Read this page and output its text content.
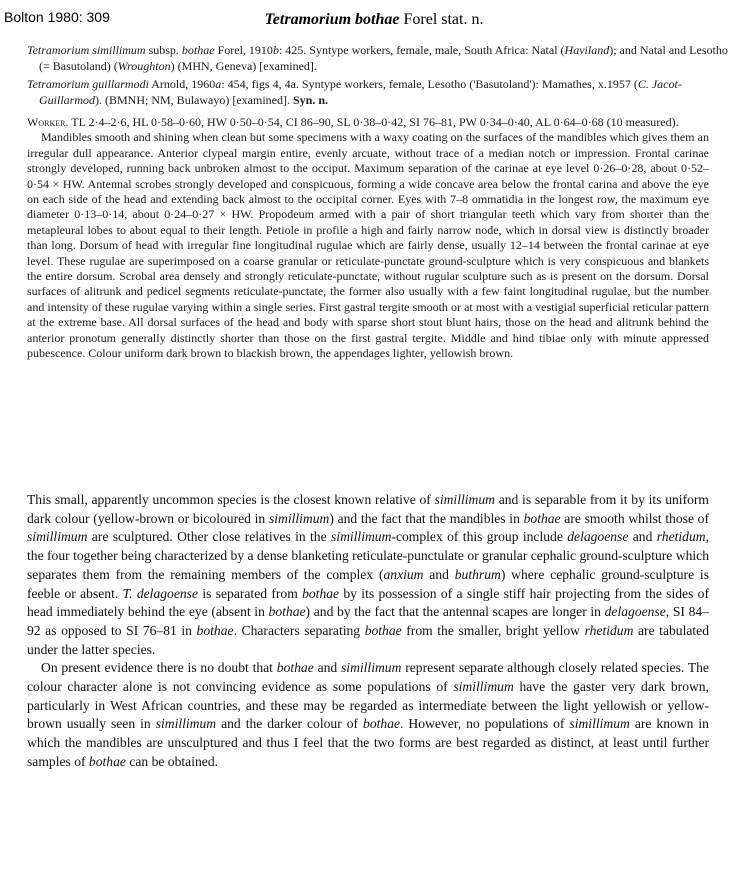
Bolton 1980: 309	Tetramorium bothae Forel stat. n.
Tetramorium simillimum subsp. bothae Forel, 1910b: 425. Syntype workers, female, male, South Africa: Natal (Haviland); and Natal and Lesotho (= Basutoland) (Wroughton) (MHN, Geneva) [examined].
Tetramorium guillarmodi Arnold, 1960a: 454, figs 4, 4a. Syntype workers, female, Lesotho ('Basutoland'): Mamathes, x.1957 (C. Jacot-Guillarmod). (BMNH; NM, Bulawayo) [examined]. Syn. n.

Worker. TL 2·4–2·6, HL 0·58–0·60, HW 0·50–0·54, CI 86–90, SL 0·38–0·42, SI 76–81, PW 0·34–0·40, AL 0·64–0·68 (10 measured).

Mandibles smooth and shining when clean but some specimens with a waxy coating on the surfaces of the mandibles which gives them an irregular dull appearance. Anterior clypeal margin entire, evenly arcuate, without trace of a median notch or impression. Frontal carinae strongly developed, running back unbroken almost to the occiput. Maximum separation of the carinae at eye level 0·26–0·28, about 0·52–0·54 × HW. Antennal scrobes strongly developed and conspicuous, forming a wide concave area below the frontal carina and above the eye on each side of the head and extending back almost to the occipital corner. Eyes with 7–8 ommatidia in the longest row, the maximum eye diameter 0·13–0·14, about 0·24–0·27 × HW. Propodeum armed with a pair of short triangular teeth which vary from shorter than the metapleural lobes to about equal to their length. Petiole in profile a high and fairly narrow node, which in dorsal view is distinctly broader than long. Dorsum of head with irregular fine longitudinal rugulae which are fairly dense, usually 12–14 between the frontal carinae at eye level. These rugulae are superimposed on a coarse granular or reticulate-punctate ground-sculpture which is very conspicuous and blankets the entire dorsum. Scrobal area densely and strongly reticulate-punctate, without rugular sculpture such as is present on the dorsum. Dorsal surfaces of alitrunk and pedicel segments reticulate-punctate, the former also usually with a few faint longitudinal rugulae, but the number and intensity of these rugulae varying within a single series. First gastral tergite smooth or at most with a vestigial superficial reticular pattern at the extreme base. All dorsal surfaces of the head and body with sparse short stout blunt hairs, those on the head and alitrunk behind the anterior pronotum generally distinctly shorter than those on the first gastral tergite. Middle and hind tibiae only with minute appressed pubescence. Colour uniform dark brown to blackish brown, the appendages lighter, yellowish brown.

This small, apparently uncommon species is the closest known relative of simillimum and is separable from it by its uniform dark colour (yellow-brown or bicoloured in simillimum) and the fact that the mandibles in bothae are smooth whilst those of simillimum are sculptured. Other close relatives in the simillimum-complex of this group include delagoense and rhetidum, the four together being characterized by a dense blanketing reticulate-punctulate or granular cephalic ground-sculpture which separates them from the remaining members of the complex (anxium and buthrum) where cephalic ground-sculpture is feeble or absent. T. delagoense is separated from bothae by its possession of a single stiff hair projecting from the sides of head immediately behind the eye (absent in bothae) and by the fact that the antennal scapes are longer in delagoense, SI 84–92 as opposed to SI 76–81 in bothae. Characters separating bothae from the smaller, bright yellow rhetidum are tabulated under the latter species.

On present evidence there is no doubt that bothae and simillimum represent separate although closely related species. The colour character alone is not convincing evidence as some populations of simillimum have the gaster very dark brown, particularly in West African countries, and these may be regarded as intermediate between the light yellowish or yellow-brown usually seen in simillimum and the darker colour of bothae. However, no populations of simillimum are known in which the mandibles are unsculptured and thus I feel that the two forms are best regarded as distinct, at least until further samples of bothae can be obtained.
